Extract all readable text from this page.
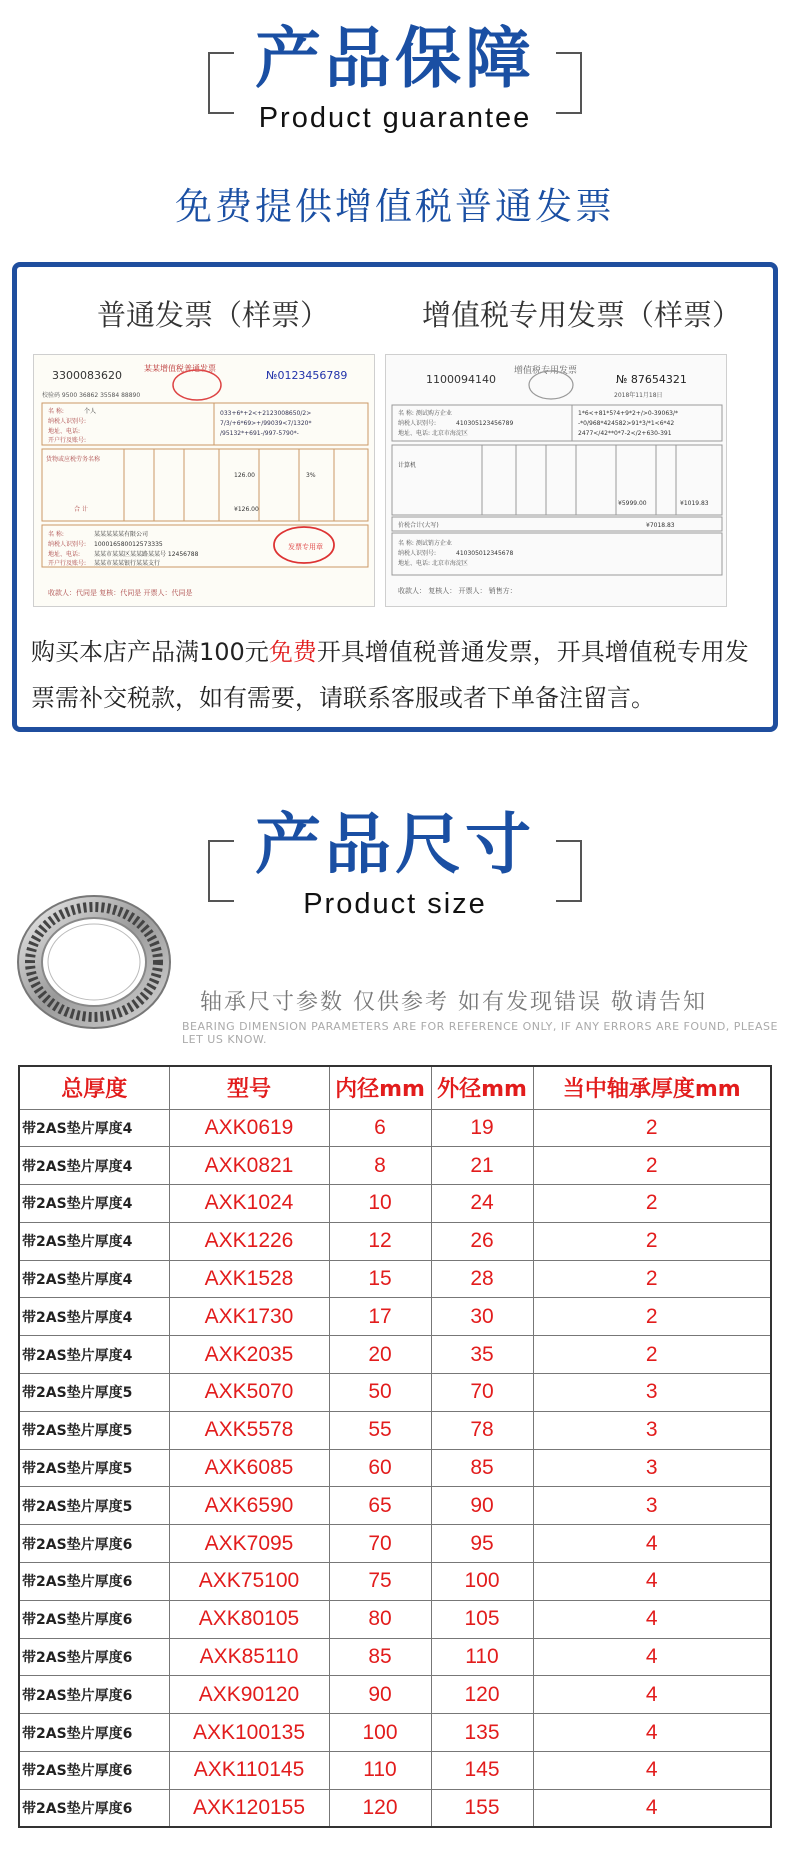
产品保障
Product guarantee
免费提供增值税普通发票
普通发票（样票）	增值税专用发票（样票）
3300083620
某某增值税普通发票
№0123456789
校验码 9500 36862 35584 88890
名 称:	个人
纳税人识别号:
地址、电话:
开户行及账号:
033+6*+2<+2123008650/2>
7/3/+6*69>+/99039<7/1320*
/95132*+691-/997-5790*-
货物或应税劳务名称
126.00	3%
合 计	¥126.00
名 称:	某某某某某有限公司
纳税人识别号: 100016580012573335
地址、电话: 某某市某某区某某路某某号 12456788
开户行及账号: 某某市某某银行某某支行
发票专用章
收款人：代同是 复核：代同是 开票人：代同是
1100094140
增值税专用发票
№ 87654321
2018年11月18日
名 称: 测试购方企业
纳税人识别号:	410305123456789
地址、电话: 北京市海淀区
1*6<+81*5?4+9*2+/>0-39063/*
-*0/968*424582>91*3/*1<6*42
2477</42**0*7-2</2+630-391
计算机
¥5999.00	¥1019.83
价税合计(大写)	¥7018.83
名 称: 测试销方企业
纳税人识别号:	410305012345678
地址、电话: 北京市海淀区
收款人： 复核人： 开票人： 销售方：
购买本店产品满100元免费开具增值税普通发票，开具增值税专用发票需补交税款，如有需要，请联系客服或者下单备注留言。
产品尺寸
Product size
轴承尺寸参数 仅供参考 如有发现错误 敬请告知
BEARING DIMENSION PARAMETERS ARE FOR REFERENCE ONLY, IF ANY ERRORS ARE FOUND, PLEASE LET US KNOW.
总厚度	型号	内径mm	外径mm	当中轴承厚度mm
带2AS垫片厚度4	AXK0619	6	19	2
带2AS垫片厚度4	AXK0821	8	21	2
带2AS垫片厚度4	AXK1024	10	24	2
带2AS垫片厚度4	AXK1226	12	26	2
带2AS垫片厚度4	AXK1528	15	28	2
带2AS垫片厚度4	AXK1730	17	30	2
带2AS垫片厚度4	AXK2035	20	35	2
带2AS垫片厚度5	AXK5070	50	70	3
带2AS垫片厚度5	AXK5578	55	78	3
带2AS垫片厚度5	AXK6085	60	85	3
带2AS垫片厚度5	AXK6590	65	90	3
带2AS垫片厚度6	AXK7095	70	95	4
带2AS垫片厚度6	AXK75100	75	100	4
带2AS垫片厚度6	AXK80105	80	105	4
带2AS垫片厚度6	AXK85110	85	110	4
带2AS垫片厚度6	AXK90120	90	120	4
带2AS垫片厚度6	AXK100135	100	135	4
带2AS垫片厚度6	AXK110145	110	145	4
带2AS垫片厚度6	AXK120155	120	155	4
